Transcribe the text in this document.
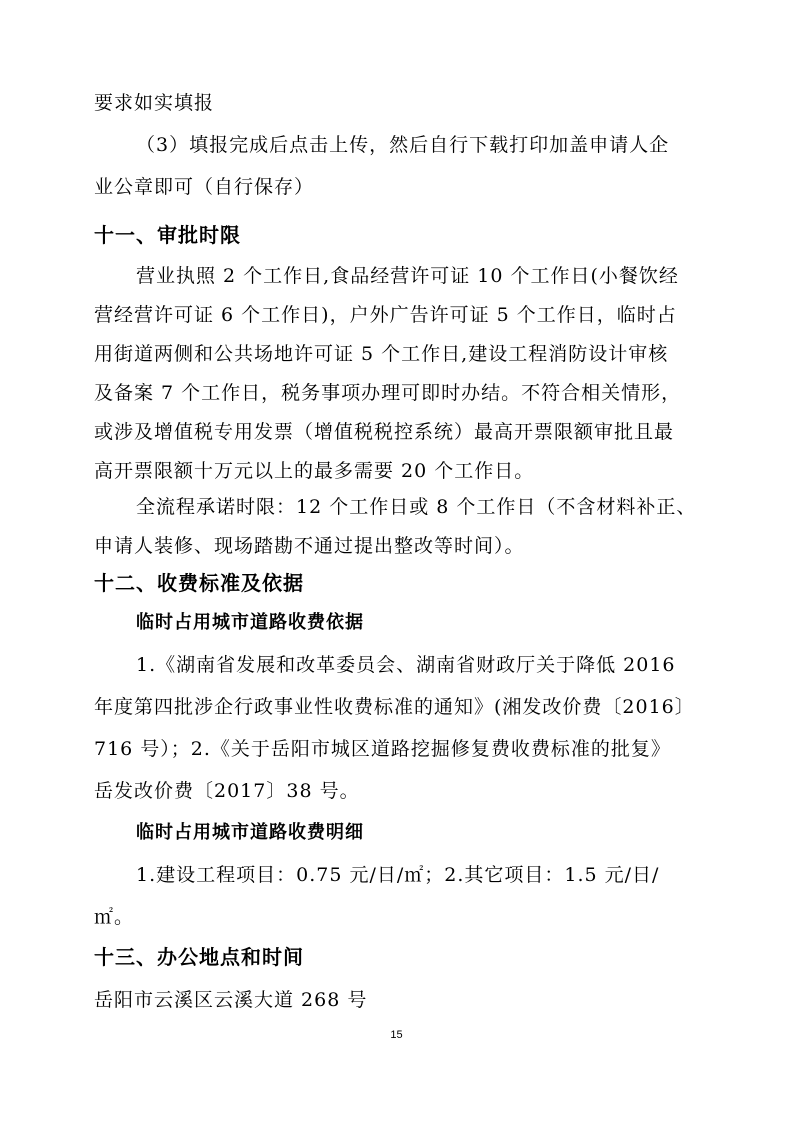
要求如实填报
（3）填报完成后点击上传，然后自行下载打印加盖申请人企
业公章即可（自行保存）
十一、审批时限
营业执照 2 个工作日,食品经营许可证 10 个工作日(小餐饮经
营经营许可证 6 个工作日)，户外广告许可证 5 个工作日，临时占
用街道两侧和公共场地许可证 5 个工作日,建设工程消防设计审核
及备案 7 个工作日，税务事项办理可即时办结。不符合相关情形，
或涉及增值税专用发票（增值税税控系统）最高开票限额审批且最
高开票限额十万元以上的最多需要 20 个工作日。
全流程承诺时限：12 个工作日或 8 个工作日（不含材料补正、
申请人装修、现场踏勘不通过提出整改等时间）。
十二、收费标准及依据
临时占用城市道路收费依据
1.《湖南省发展和改革委员会、湖南省财政厅关于降低 2016
年度第四批涉企行政事业性收费标准的通知》(湘发改价费〔2016〕
716 号）；2.《关于岳阳市城区道路挖掘修复费收费标准的批复》
岳发改价费〔2017〕38 号。
临时占用城市道路收费明细
1.建设工程项目：0.75 元/日/㎡；2.其它项目：1.5 元/日/
㎡。
十三、办公地点和时间
岳阳市云溪区云溪大道 268 号
15
